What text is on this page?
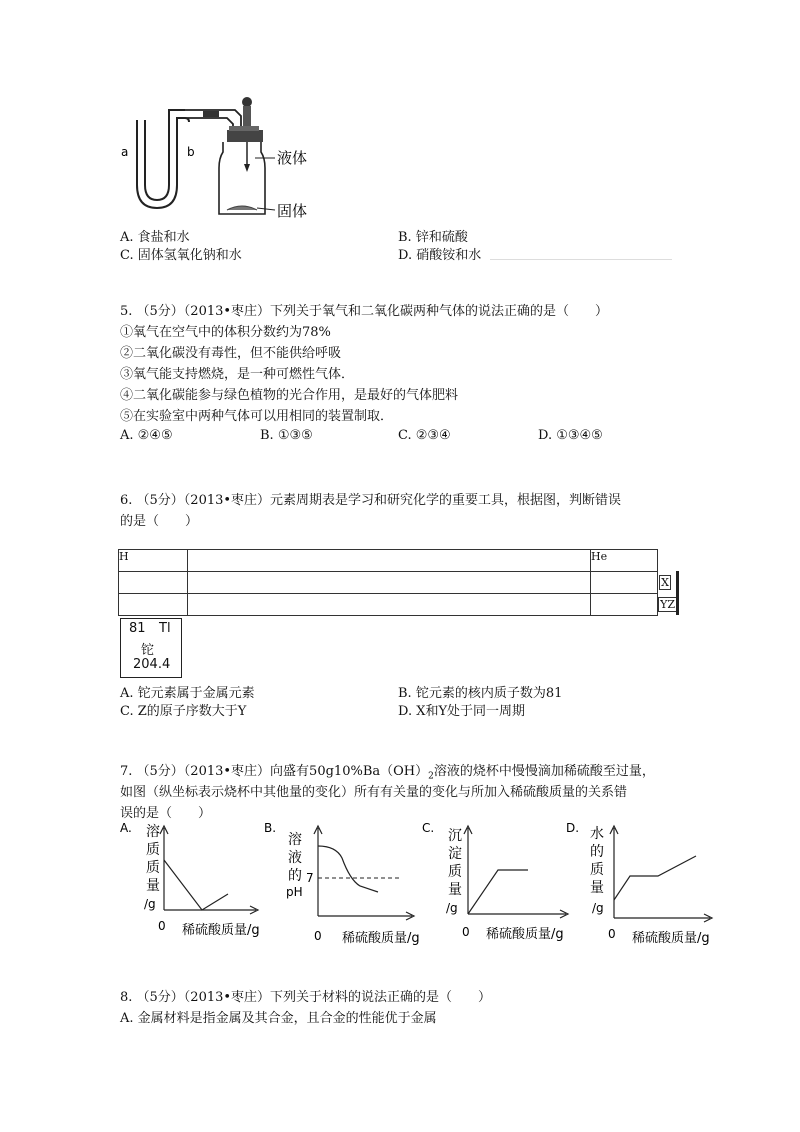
a	b	液体
固体
A. 食盐和水	B. 锌和硫酸
C. 固体氢氧化钠和水	D. 硝酸铵和水
5. （5分）（2013•枣庄）下列关于氧气和二氧化碳两种气体的说法正确的是（　　）
①氧气在空气中的体积分数约为78%
②二氧化碳没有毒性，但不能供给呼吸
③氧气能支持燃烧，是一种可燃性气体．
④二氧化碳能参与绿色植物的光合作用，是最好的气体肥料
⑤在实验室中两种气体可以用相同的装置制取．
A. ②④⑤	B. ①③⑤	C. ②③④	D. ①③④⑤
6. （5分）（2013•枣庄）元素周期表是学习和研究化学的重要工具，根据图，判断错误
的是（　　）
H		He

		X

		YZ
81 Tl
铊
204.4
A. 铊元素属于金属元素	B. 铊元素的核内质子数为81
C. Z的原子序数大于Y	D. X和Y处于同一周期
7. （5分）（2013•枣庄）向盛有$50g10\%Ba(OH)_2$溶液的烧杯中慢慢滴加稀硫酸至过量，
如图（纵坐标表示烧杯中其他量的变化）所有有关量的变化与所加入稀硫酸质量的关系错
误的是（　　）
A. 溶
质
质
量
/g
0 稀硫酸质量/g
B.
溶
液
的
pH
7
0 稀硫酸质量/g
C. 沉
淀
质
量
/g
0 稀硫酸质量/g
D. 水
的
质
量
/g
0 稀硫酸质量/g
8. （5分）（2013•枣庄）下列关于材料的说法正确的是（　　）
A. 金属材料是指金属及其合金，且合金的性能优于金属
